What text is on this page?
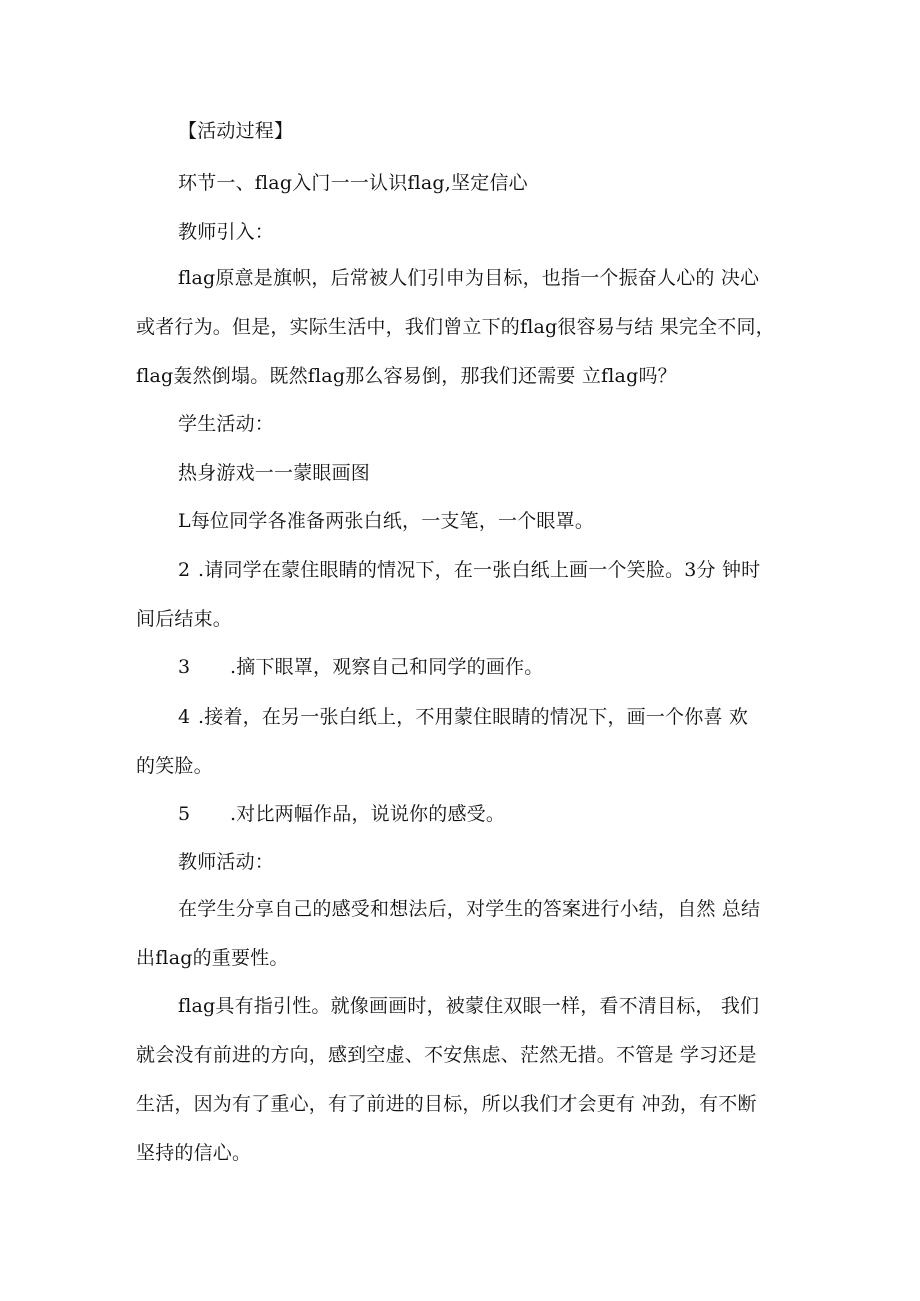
【活动过程】

环节一、flag入门一一认识flag,坚定信心

教师引入：

flag原意是旗帜，后常被人们引申为目标，也指一个振奋人心的 决心
或者行为。但是，实际生活中，我们曾立下的flag很容易与结 果完全不同，
flag轰然倒塌。既然flag那么容易倒，那我们还需要 立flag吗？

学生活动：

热身游戏一一蒙眼画图

L每位同学各准备两张白纸，一支笔，一个眼罩。

2 .请同学在蒙住眼睛的情况下，在一张白纸上画一个笑脸。3分 钟时
间后结束。
3 .摘下眼罩，观察自己和同学的画作。
4 .接着，在另一张白纸上，不用蒙住眼睛的情况下，画一个你喜 欢
的笑脸。
5 .对比两幅作品，说说你的感受。

教师活动：

在学生分享自己的感受和想法后，对学生的答案进行小结，自然 总结
出flag的重要性。
flag具有指引性。就像画画时，被蒙住双眼一样，看不清目标， 我们
就会没有前进的方向，感到空虚、不安焦虑、茫然无措。不管是 学习还是
生活，因为有了重心，有了前进的目标，所以我们才会更有 冲劲，有不断
坚持的信心。
